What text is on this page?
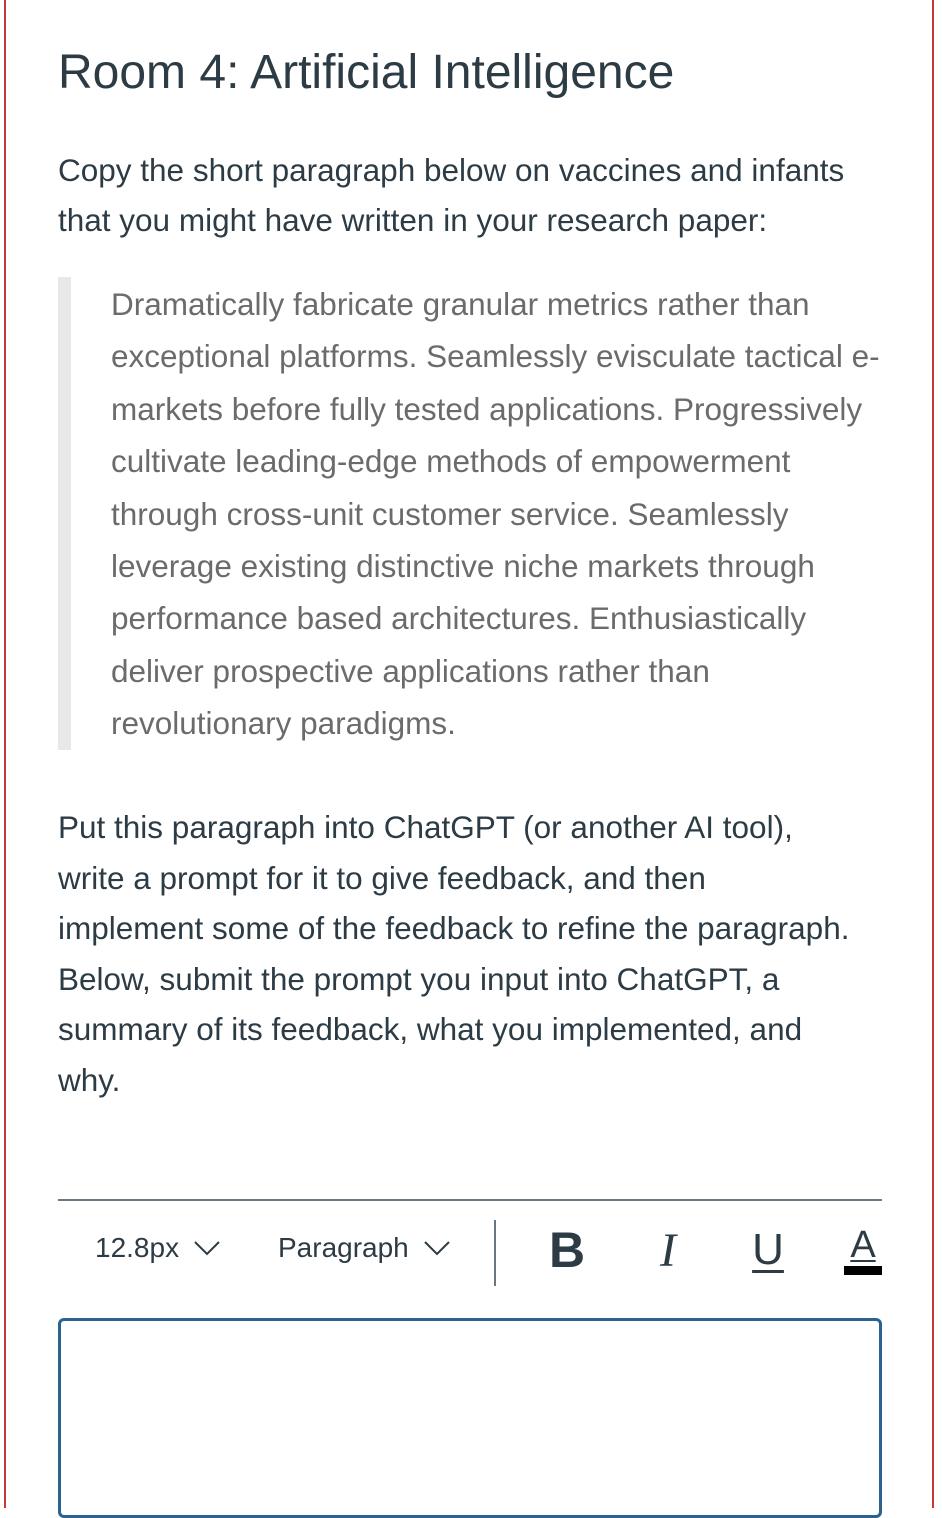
Room 4: Artificial Intelligence

Copy the short paragraph below on vaccines and infants that you might have written in your research paper:

Dramatically fabricate granular metrics rather than exceptional platforms. Seamlessly evisculate tactical e-markets before fully tested applications. Progressively cultivate leading-edge methods of empowerment through cross-unit customer service. Seamlessly leverage existing distinctive niche markets through performance based architectures. Enthusiastically deliver prospective applications rather than revolutionary paradigms.

Put this paragraph into ChatGPT (or another AI tool), write a prompt for it to give feedback, and then implement some of the feedback to refine the paragraph. Below, submit the prompt you input into ChatGPT, a summary of its feedback, what you implemented, and why.

12.8px	Paragraph	B I U A
